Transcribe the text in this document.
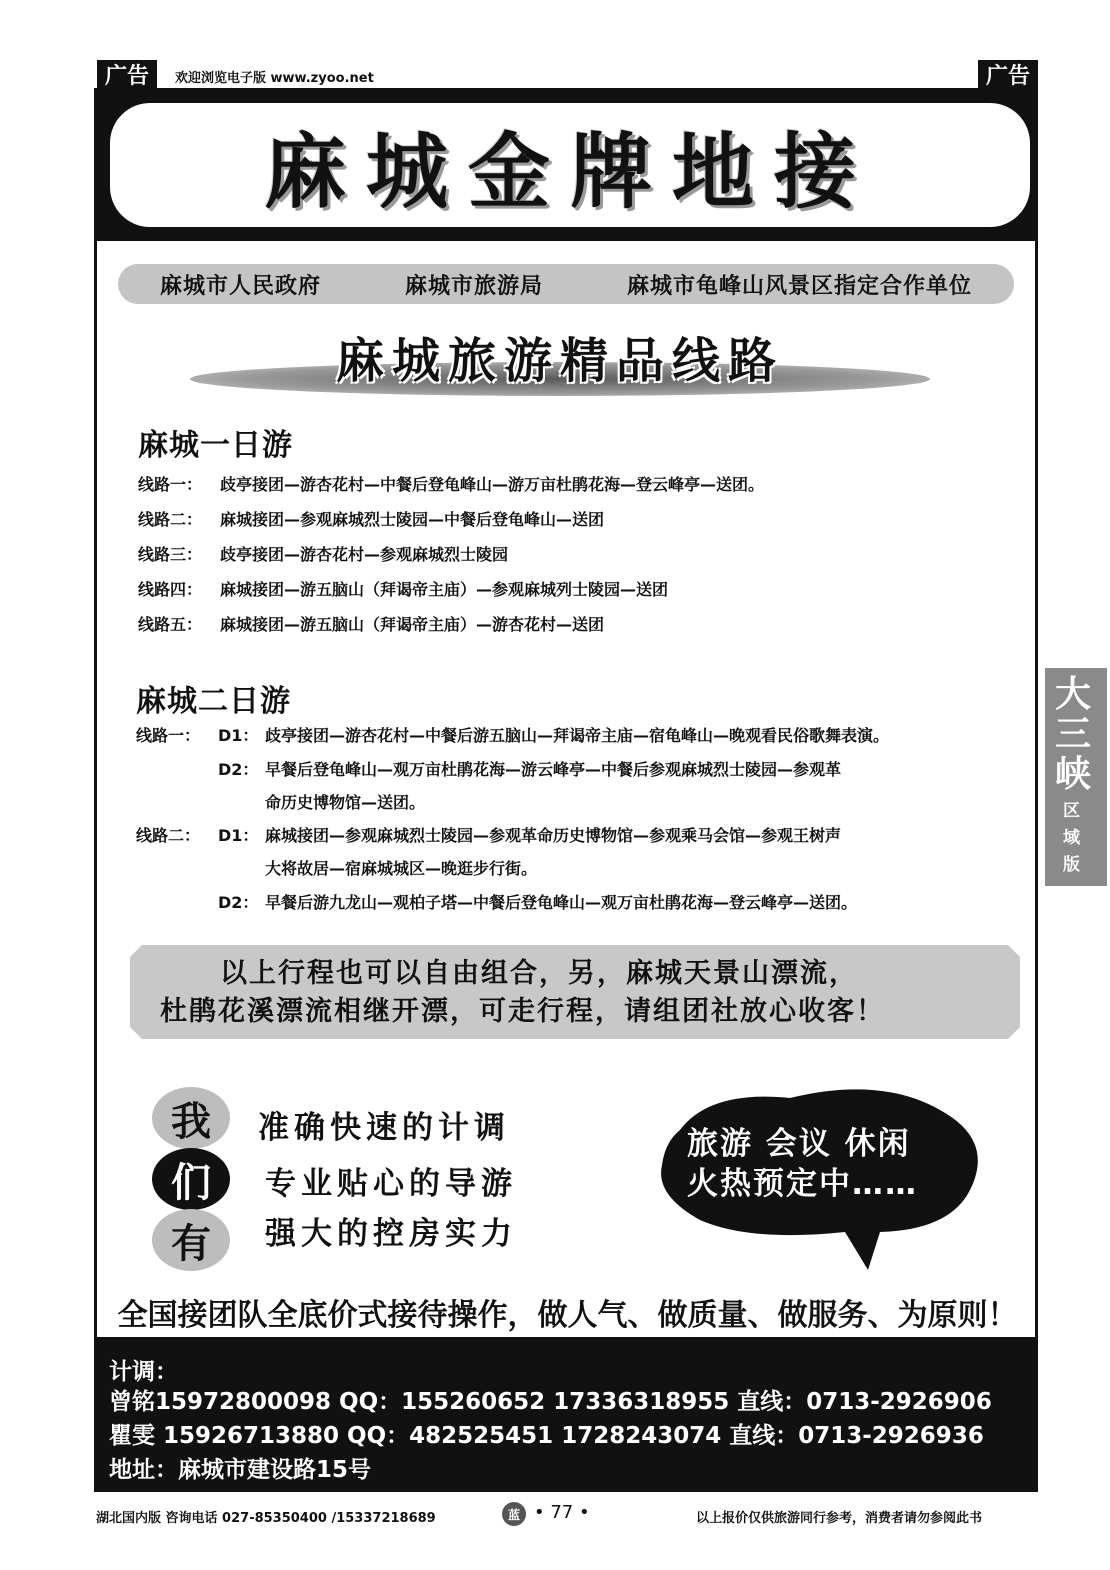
广告	欢迎浏览电子版 www.zyoo.net	广告
麻城金牌地接
麻城市人民政府	麻城市旅游局	麻城市龟峰山风景区指定合作单位
麻城旅游精品线路
麻城一日游
线路一：	歧亭接团—游杏花村—中餐后登龟峰山—游万亩杜鹃花海—登云峰亭—送团。
线路二：	麻城接团—参观麻城烈士陵园—中餐后登龟峰山—送团
线路三：	歧亭接团—游杏花村—参观麻城烈士陵园
线路四：	麻城接团—游五脑山（拜谒帝主庙）—参观麻城列士陵园—送团
线路五：	麻城接团—游五脑山（拜谒帝主庙）—游杏花村—送团
麻城二日游
线路一： D1： 歧亭接团—游杏花村—中餐后游五脑山—拜谒帝主庙—宿龟峰山—晚观看民俗歌舞表演。
D2： 早餐后登龟峰山—观万亩杜鹃花海—游云峰亭—中餐后参观麻城烈士陵园—参观革
命历史博物馆—送团。
线路二： D1： 麻城接团—参观麻城烈士陵园—参观革命历史博物馆—参观乘马会馆—参观王树声
大将故居—宿麻城城区—晚逛步行街。
D2： 早餐后游九龙山—观柏子塔—中餐后登龟峰山—观万亩杜鹃花海—登云峰亭—送团。
以上行程也可以自由组合，另，麻城天景山漂流，
杜鹃花溪漂流相继开漂，可走行程，请组团社放心收客！
我
们
有
准确快速的计调
专业贴心的导游
强大的控房实力
旅游 会议 休闲
火热预定中……
全国接团队全底价式接待操作，做人气、做质量、做服务、为原则！
计调：
曾铭15972800098 QQ：155260652 17336318955 直线：0713-2926906
瞿雯 15926713880 QQ：482525451 1728243074 直线：0713-2926936
地址：麻城市建设路15号
大
三
峡
区
域
版
湖北国内版 咨询电话 027-85350400 /15337218689	蓝 • 77 •	以上报价仅供旅游同行参考，消费者请勿参阅此书
